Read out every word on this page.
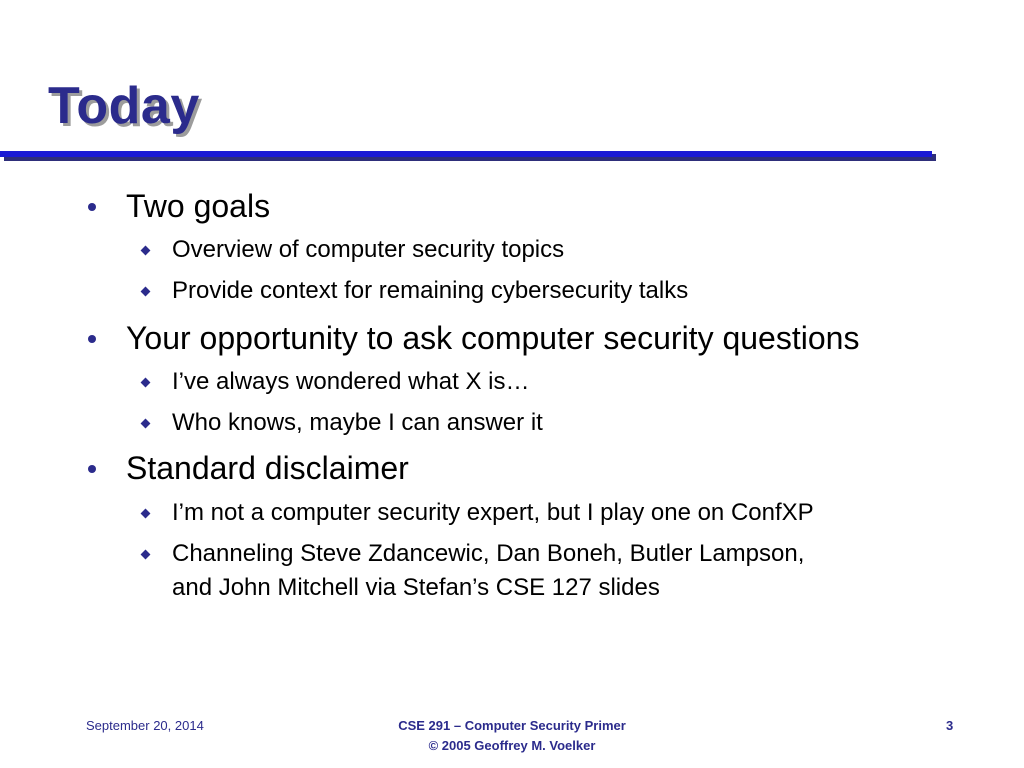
Today
Two goals
Overview of computer security topics
Provide context for remaining cybersecurity talks
Your opportunity to ask computer security questions
I’ve always wondered what X is…
Who knows, maybe I can answer it
Standard disclaimer
I’m not a computer security expert, but I play one on ConfXP
Channeling Steve Zdancewic, Dan Boneh, Butler Lampson,
and John Mitchell via Stefan’s CSE 127 slides
September 20, 2014	CSE 291 – Computer Security Primer
© 2005 Geoffrey M. Voelker
3
